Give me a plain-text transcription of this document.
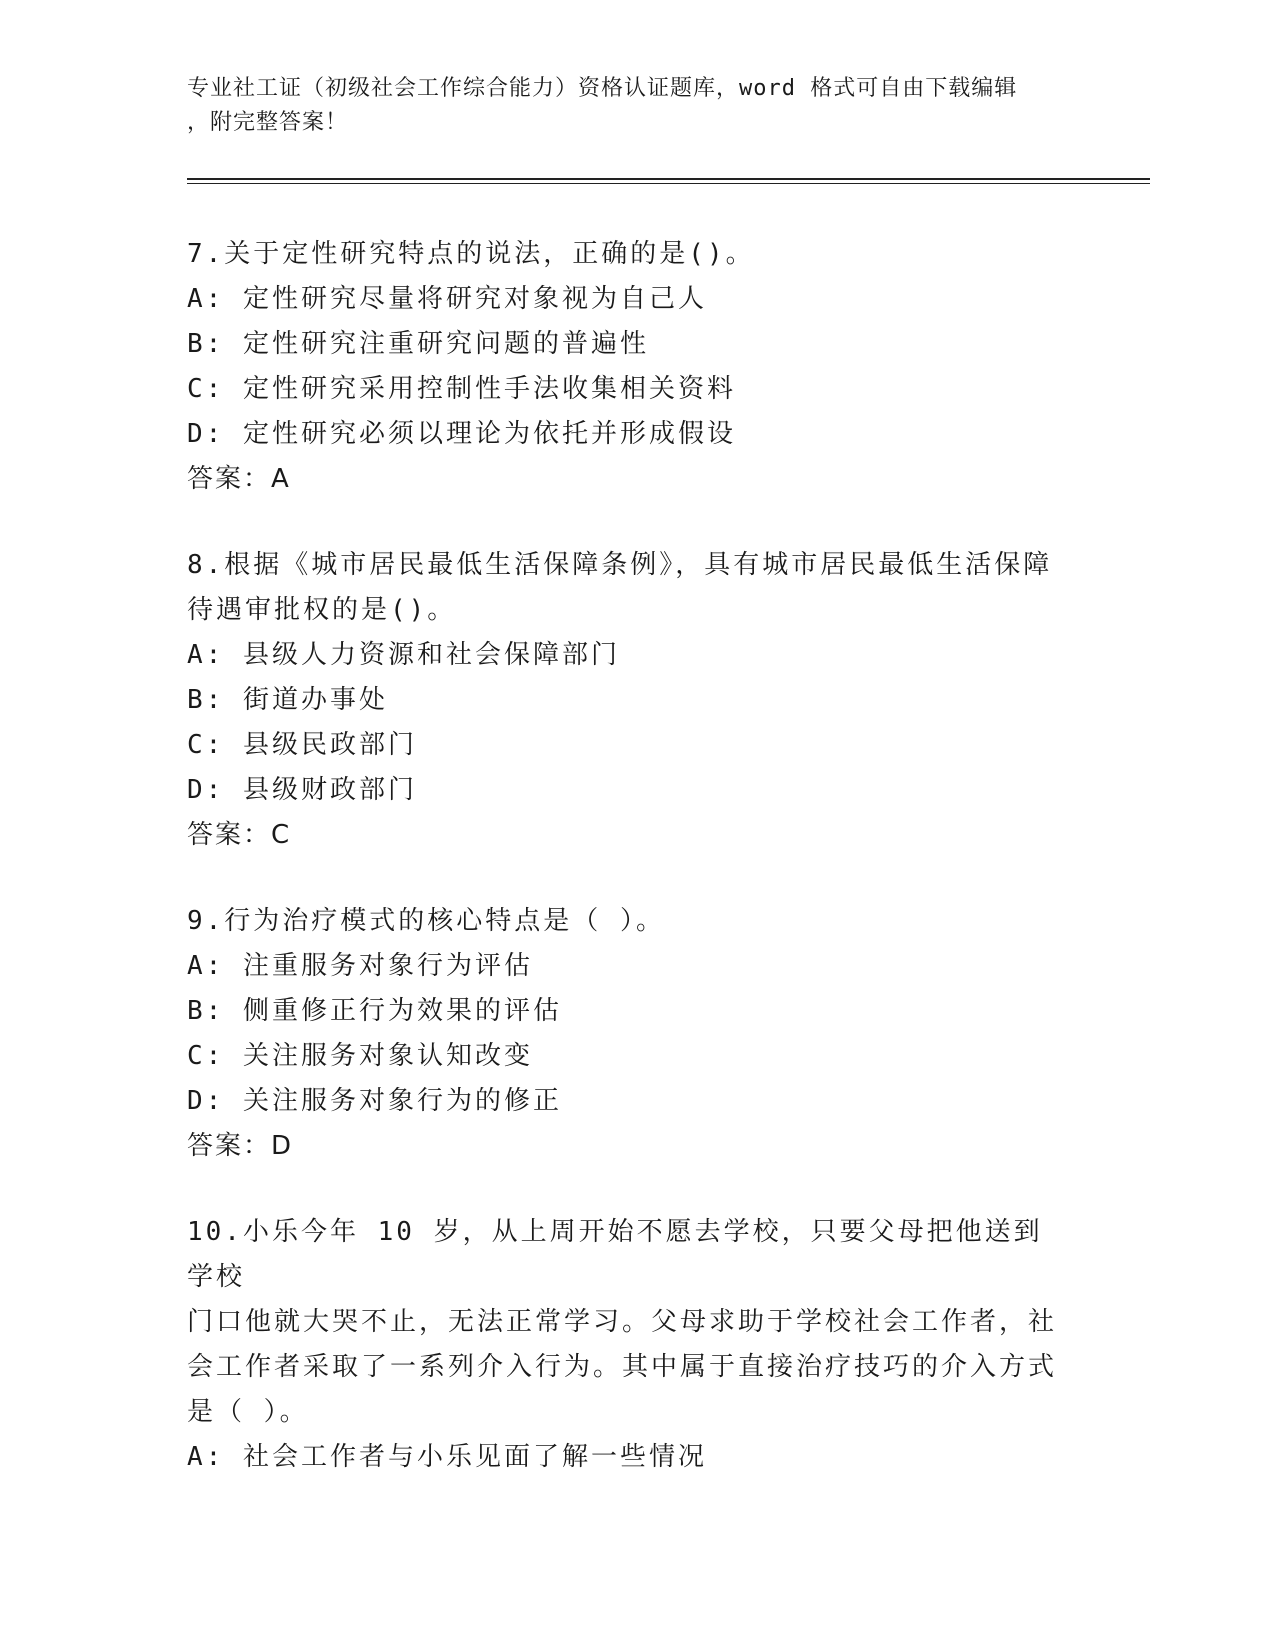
专业社工证（初级社会工作综合能力）资格认证题库，word 格式可自由下载编辑
，附完整答案！
7.关于定性研究特点的说法，正确的是()。
A: 定性研究尽量将研究对象视为自己人
B: 定性研究注重研究问题的普遍性
C: 定性研究采用控制性手法收集相关资料
D: 定性研究必须以理论为依托并形成假设
答案：A
8.根据《城市居民最低生活保障条例》，具有城市居民最低生活保障
待遇审批权的是()。
A: 县级人力资源和社会保障部门
B: 街道办事处
C: 县级民政部门
D: 县级财政部门
答案：C
9.行为治疗模式的核心特点是（ ）。
A: 注重服务对象行为评估
B: 侧重修正行为效果的评估
C: 关注服务对象认知改变
D: 关注服务对象行为的修正
答案：D
10.小乐今年 10 岁，从上周开始不愿去学校，只要父母把他送到学校
门口他就大哭不止，无法正常学习。父母求助于学校社会工作者，社
会工作者采取了一系列介入行为。其中属于直接治疗技巧的介入方式
是（ ）。
A: 社会工作者与小乐见面了解一些情况
